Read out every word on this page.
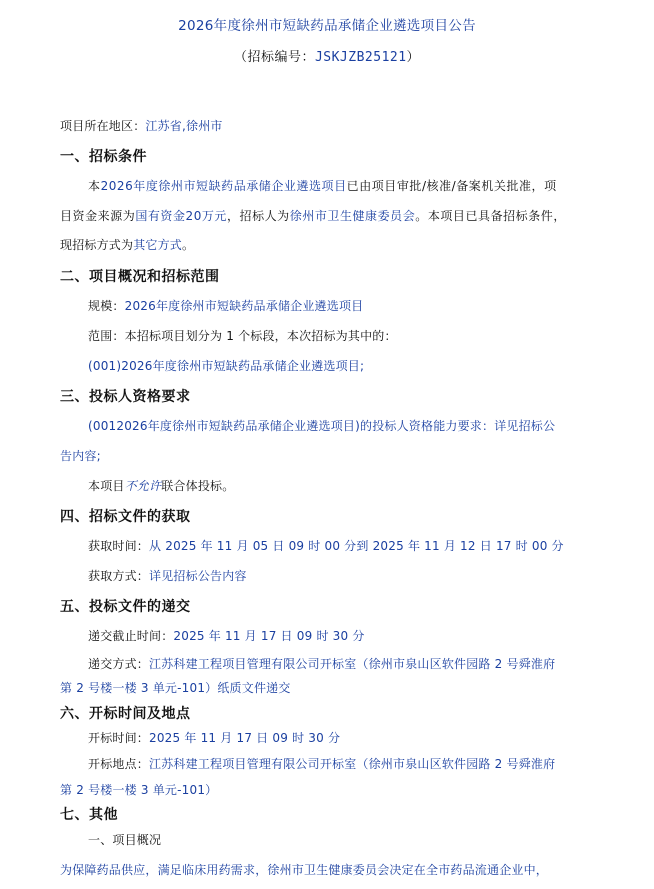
2026年度徐州市短缺药品承储企业遴选项目公告
（招标编号：JSKJZB25121）
项目所在地区：江苏省,徐州市
一、招标条件
本2026年度徐州市短缺药品承储企业遴选项目已由项目审批/核准/备案机关批准，项
目资金来源为国有资金20万元，招标人为徐州市卫生健康委员会。本项目已具备招标条件，
现招标方式为其它方式。
二、项目概况和招标范围
规模：2026年度徐州市短缺药品承储企业遴选项目
范围：本招标项目划分为 1 个标段，本次招标为其中的：
(001)2026年度徐州市短缺药品承储企业遴选项目;
三、投标人资格要求
(0012026年度徐州市短缺药品承储企业遴选项目)的投标人资格能力要求：详见招标公
告内容;
本项目不允许联合体投标。
四、招标文件的获取
获取时间：从 2025 年 11 月 05 日 09 时 00 分到 2025 年 11 月 12 日 17 时 00 分
获取方式：详见招标公告内容
五、投标文件的递交
递交截止时间：2025 年 11 月 17 日 09 时 30 分
递交方式：江苏科建工程项目管理有限公司开标室（徐州市泉山区软件园路 2 号舜淮府
第 2 号楼一楼 3 单元-101）纸质文件递交
六、开标时间及地点
开标时间：2025 年 11 月 17 日 09 时 30 分
开标地点：江苏科建工程项目管理有限公司开标室（徐州市泉山区软件园路 2 号舜淮府
第 2 号楼一楼 3 单元-101）
七、其他
一、项目概况
为保障药品供应，满足临床用药需求，徐州市卫生健康委员会决定在全市药品流通企业中，
